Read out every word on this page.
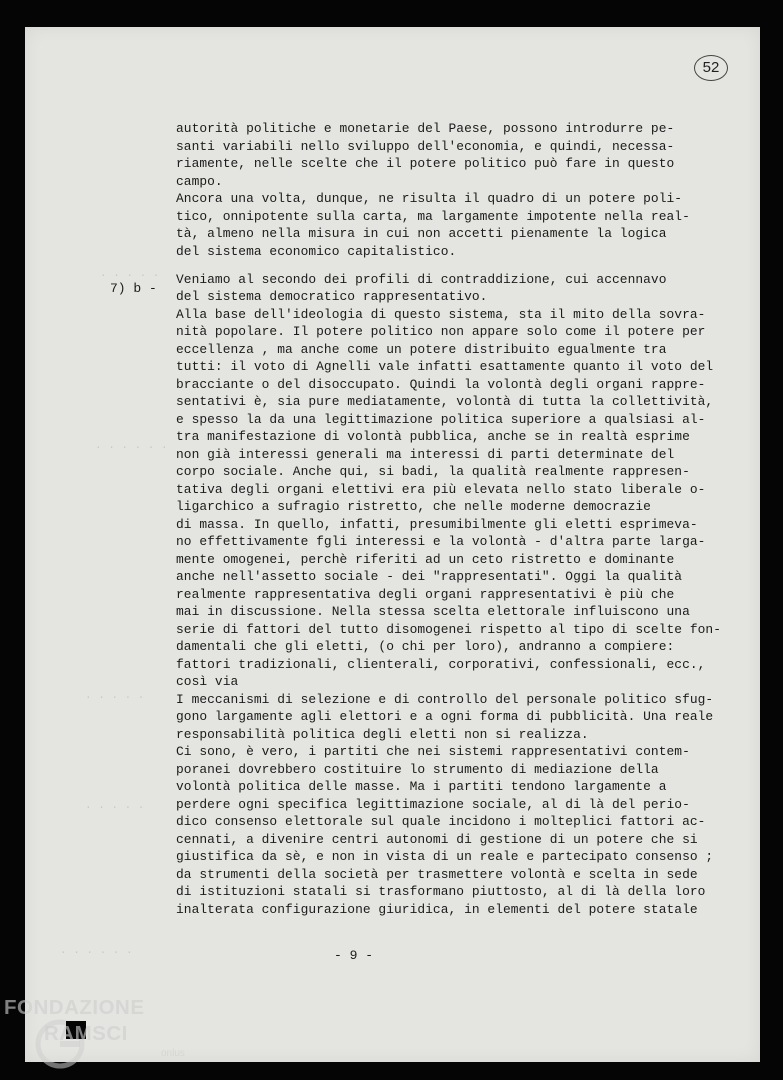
. . . . .
. . . . . .
. . . . .
. . . . .
. . . . . .
52
7) b -
autorità politiche e monetarie del Paese, possono introdurre pe-
santi variabili nello sviluppo dell'economia, e quindi, necessa-
riamente, nelle scelte che il potere politico può fare in questo
campo.
Ancora una volta, dunque, ne risulta il quadro di un potere poli-
tico, onnipotente sulla carta, ma largamente impotente nella real-
tà, almeno nella misura in cui non accetti pienamente la logica
del sistema economico capitalistico.
Veniamo al secondo dei profili di contraddizione, cui accennavo
del sistema democratico rappresentativo.
Alla base dell'ideologia di questo sistema, sta il mito della sovra-
nità popolare. Il potere politico non appare solo come il potere per
eccellenza , ma anche come un potere distribuito egualmente tra
tutti: il voto di Agnelli vale infatti esattamente quanto il voto del
bracciante o del disoccupato. Quindi la volontà degli organi rappre-
sentativi è, sia pure mediatamente, volontà di tutta la collettività,
e spesso la da una legittimazione politica superiore a qualsiasi al-
tra manifestazione di volontà pubblica, anche se in realtà esprime
non già interessi generali ma interessi di parti determinate del
corpo sociale. Anche qui, si badi, la qualità realmente rappresen-
tativa degli organi elettivi era più elevata nello stato liberale o-
ligarchico a sufragio ristretto, che nelle moderne democrazie
di massa. In quello, infatti, presumibilmente gli eletti esprimeva-
no effettivamente fgli interessi e la volontà - d'altra parte larga-
mente omogenei, perchè riferiti ad un ceto ristretto e dominante
anche nell'assetto sociale - dei "rappresentati". Oggi la qualità
realmente rappresentativa degli organi rappresentativi è più che
mai in discussione. Nella stessa scelta elettorale influiscono una
serie di fattori del tutto disomogenei rispetto al tipo di scelte fon-
damentali che gli eletti, (o chi per loro), andranno a compiere:
fattori tradizionali, clienterali, corporativi, confessionali, ecc.,
così via
I meccanismi di selezione e di controllo del personale politico sfug-
gono largamente agli elettori e a ogni forma di pubblicità. Una reale
responsabilità politica degli eletti non si realizza.
Ci sono, è vero, i partiti che nei sistemi rappresentativi contem-
poranei dovrebbero costituire lo strumento di mediazione della
volontà politica delle masse. Ma i partiti tendono largamente a
perdere ogni specifica legittimazione sociale, al di là del perio-
dico consenso elettorale sul quale incidono i molteplici fattori ac-
cennati, a divenire centri autonomi di gestione di un potere che si
giustifica da sè, e non in vista di un reale e partecipato consenso ;
da strumenti della società per trasmettere volontà e scelta in sede
di istituzioni statali si trasformano piuttosto, al di là della loro
inalterata configurazione giuridica, in elementi del potere statale
- 9 -
FONDAZIONE
RAMSCI
onlus
